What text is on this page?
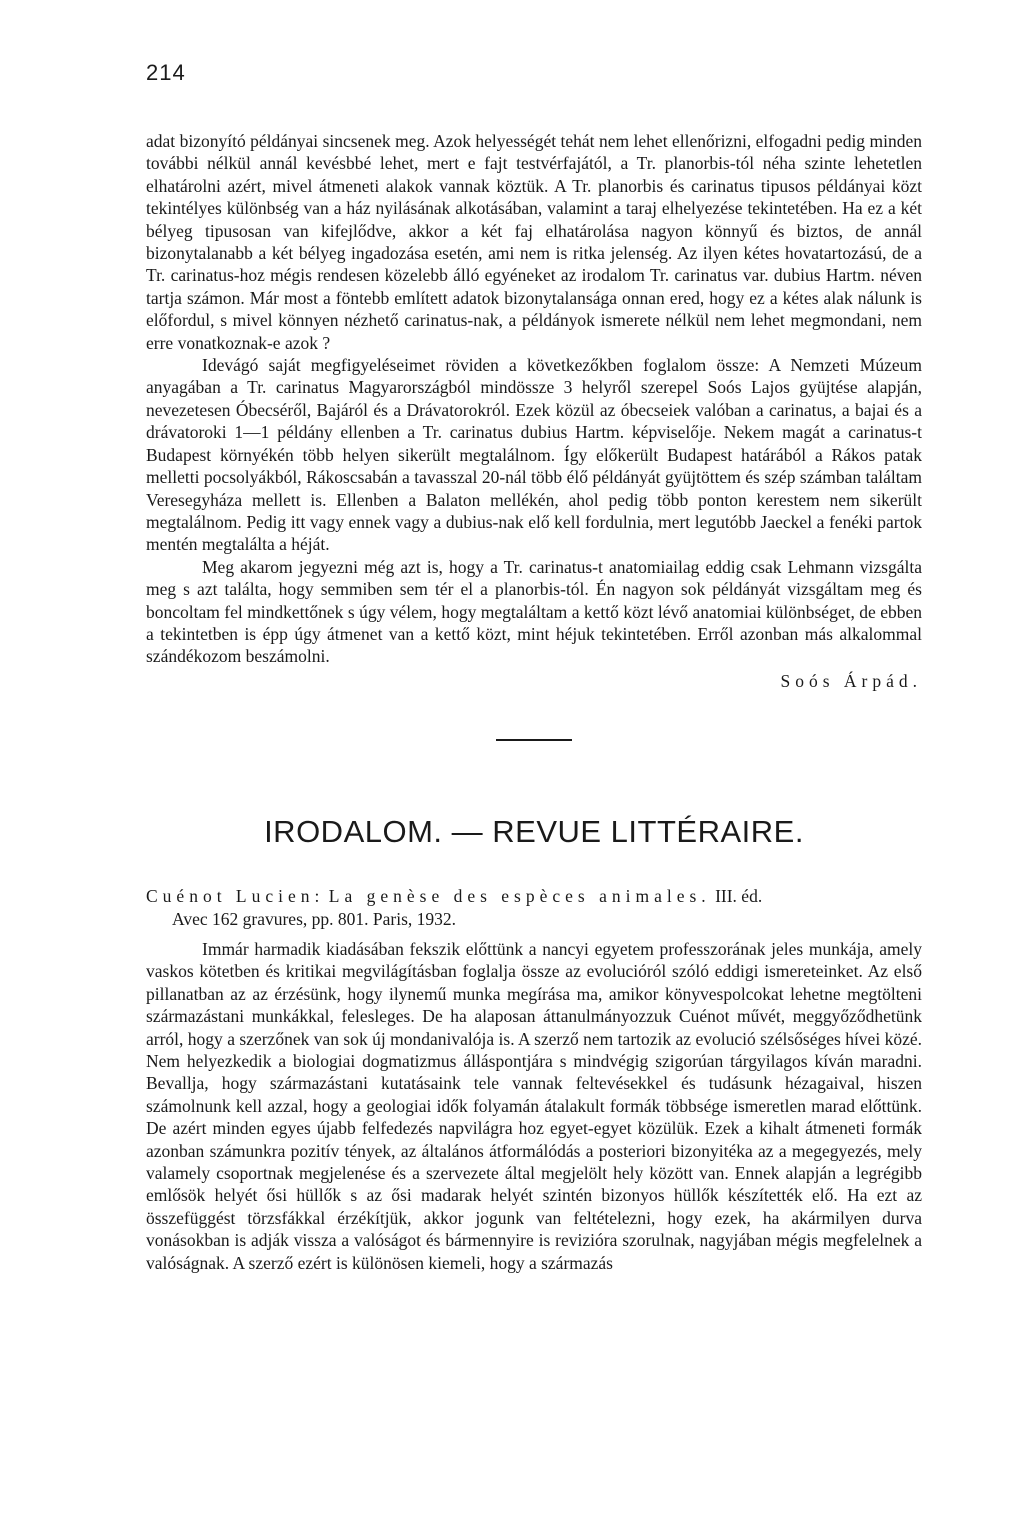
214

adat bizonyító példányai sincsenek meg. Azok helyességét tehát nem lehet ellenőrizni, elfogadni pedig minden további nélkül annál kevésbbé lehet, mert e fajt testvérfajától, a Tr. planorbis-tól néha szinte lehetetlen elhatárolni azért, mivel átmeneti alakok vannak köztük. A Tr. planorbis és carinatus tipusos példányai közt tekintélyes különbség van a ház nyilásának alkotásában, valamint a taraj elhelyezése tekintetében. Ha ez a két bélyeg tipusosan van kifejlődve, akkor a két faj elhatárolása nagyon könnyű és biztos, de annál bizonytalanabb a két bélyeg ingadozása esetén, ami nem is ritka jelenség. Az ilyen kétes hovatartozású, de a Tr. carinatus-hoz mégis rendesen közelebb álló egyéneket az irodalom Tr. carinatus var. dubius Hartm. néven tartja számon. Már most a föntebb említett adatok bizonytalansága onnan ered, hogy ez a kétes alak nálunk is előfordul, s mivel könnyen nézhető carinatus-nak, a példányok ismerete nélkül nem lehet megmondani, nem erre vonatkoznak-e azok ?

Idevágó saját megfigyeléseimet röviden a következőkben foglalom össze: A Nemzeti Múzeum anyagában a Tr. carinatus Magyarországból mindössze 3 helyről szerepel Soós Lajos gyüjtése alapján, nevezetesen Óbecséről, Bajáról és a Drávatorokról. Ezek közül az óbecseiek valóban a carinatus, a bajai és a drávatoroki 1—1 példány ellenben a Tr. carinatus dubius Hartm. képviselője. Nekem magát a carinatus-t Budapest környékén több helyen sikerült megtalálnom. Így előkerült Budapest határából a Rákos patak melletti pocsolyákból, Rákoscsabán a tavasszal 20-nál több élő példányát gyüjtöttem és szép számban találtam Veresegyháza mellett is. Ellenben a Balaton mellékén, ahol pedig több ponton kerestem nem sikerült megtalálnom. Pedig itt vagy ennek vagy a dubius-nak elő kell fordulnia, mert legutóbb Jaeckel a fenéki partok mentén megtalálta a héját.

Meg akarom jegyezni még azt is, hogy a Tr. carinatus-t anatomiailag eddig csak Lehmann vizsgálta meg s azt találta, hogy semmiben sem tér el a planorbis-tól. Én nagyon sok példányát vizsgáltam meg és boncoltam fel mindkettőnek s úgy vélem, hogy megtaláltam a kettő közt lévő anatomiai különbséget, de ebben a tekintetben is épp úgy átmenet van a kettő közt, mint héjuk tekintetében. Erről azonban más alkalommal szándékozom beszámolni.

Soós Árpád.
IRODALOM. — REVUE LITTÉRAIRE.
Cuénot Lucien: La genèse des espèces animales. III. éd.
Avec 162 gravures, pp. 801. Paris, 1932.

Immár harmadik kiadásában fekszik előttünk a nancyi egyetem professzorának jeles munkája, amely vaskos kötetben és kritikai megvilágításban foglalja össze az evolucióról szóló eddigi ismereteinket. Az első pillanatban az az érzésünk, hogy ilynemű munka megírása ma, amikor könyvespolcokat lehetne megtölteni származástani munkákkal, felesleges. De ha alaposan áttanulmányozzuk Cuénot művét, meggyőződhetünk arról, hogy a szerzőnek van sok új mondanivalója is. A szerző nem tartozik az evolució szélsőséges hívei közé. Nem helyezkedik a biologiai dogmatizmus álláspontjára s mindvégig szigorúan tárgyilagos kíván maradni. Bevallja, hogy származástani kutatásaink tele vannak feltevésekkel és tudásunk hézagaival, hiszen számolnunk kell azzal, hogy a geologiai idők folyamán átalakult formák többsége ismeretlen marad előttünk. De azért minden egyes újabb felfedezés napvilágra hoz egyet-egyet közülük. Ezek a kihalt átmeneti formák azonban számunkra pozitív tények, az általános átformálódás a posteriori bizonyitéka az a megegyezés, mely valamely csoportnak megjelenése és a szervezete által megjelölt hely között van. Ennek alapján a legrégibb emlősök helyét ősi hüllők s az ősi madarak helyét szintén bizonyos hüllők készítették elő. Ha ezt az összefüggést törzsfákkal érzékítjük, akkor jogunk van feltételezni, hogy ezek, ha akármilyen durva vonásokban is adják vissza a valóságot és bármennyire is revizióra szorulnak, nagyjában mégis megfelelnek a valóságnak. A szerző ezért is különösen kiemeli, hogy a származás
